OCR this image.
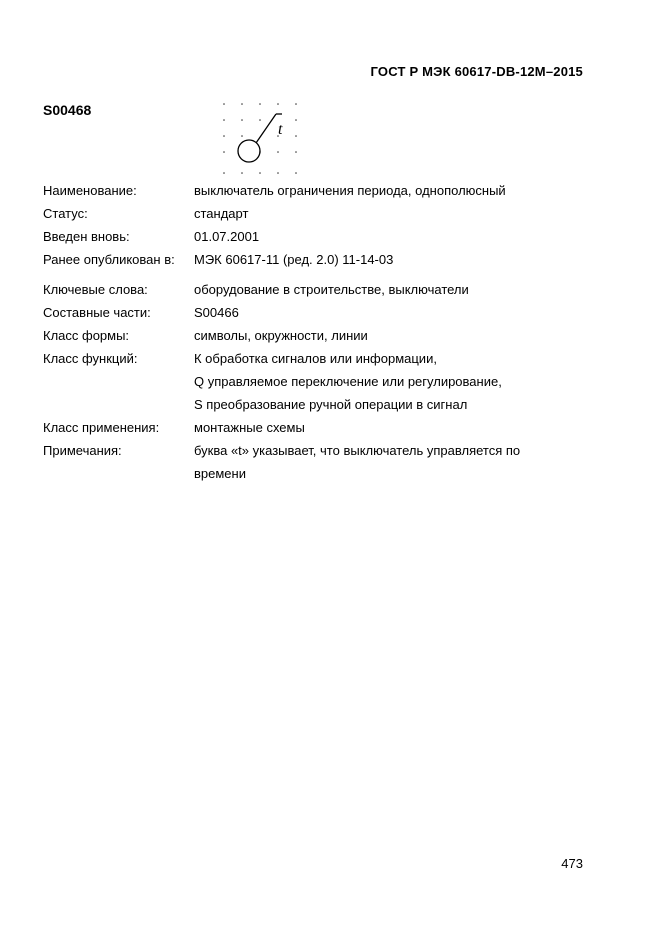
ГОСТ Р МЭК 60617-DB-12M–2015
S00468
t
Наименование:	выключатель ограничения периода, однополюсный
Статус:	стандарт
Введен вновь:	01.07.2001
Ранее опубликован в:	МЭК 60617-11 (ред. 2.0) 11-14-03
Ключевые слова:	оборудование в строительстве, выключатели
Составные части:	S00466
Класс формы:	символы, окружности, линии
Класс функций:	К обработка сигналов или информации,
Q управляемое переключение или регулирование,
S преобразование ручной операции в сигнал
Класс применения:	монтажные схемы
Примечания:	буква «t» указывает, что выключатель управляется по
времени
473
